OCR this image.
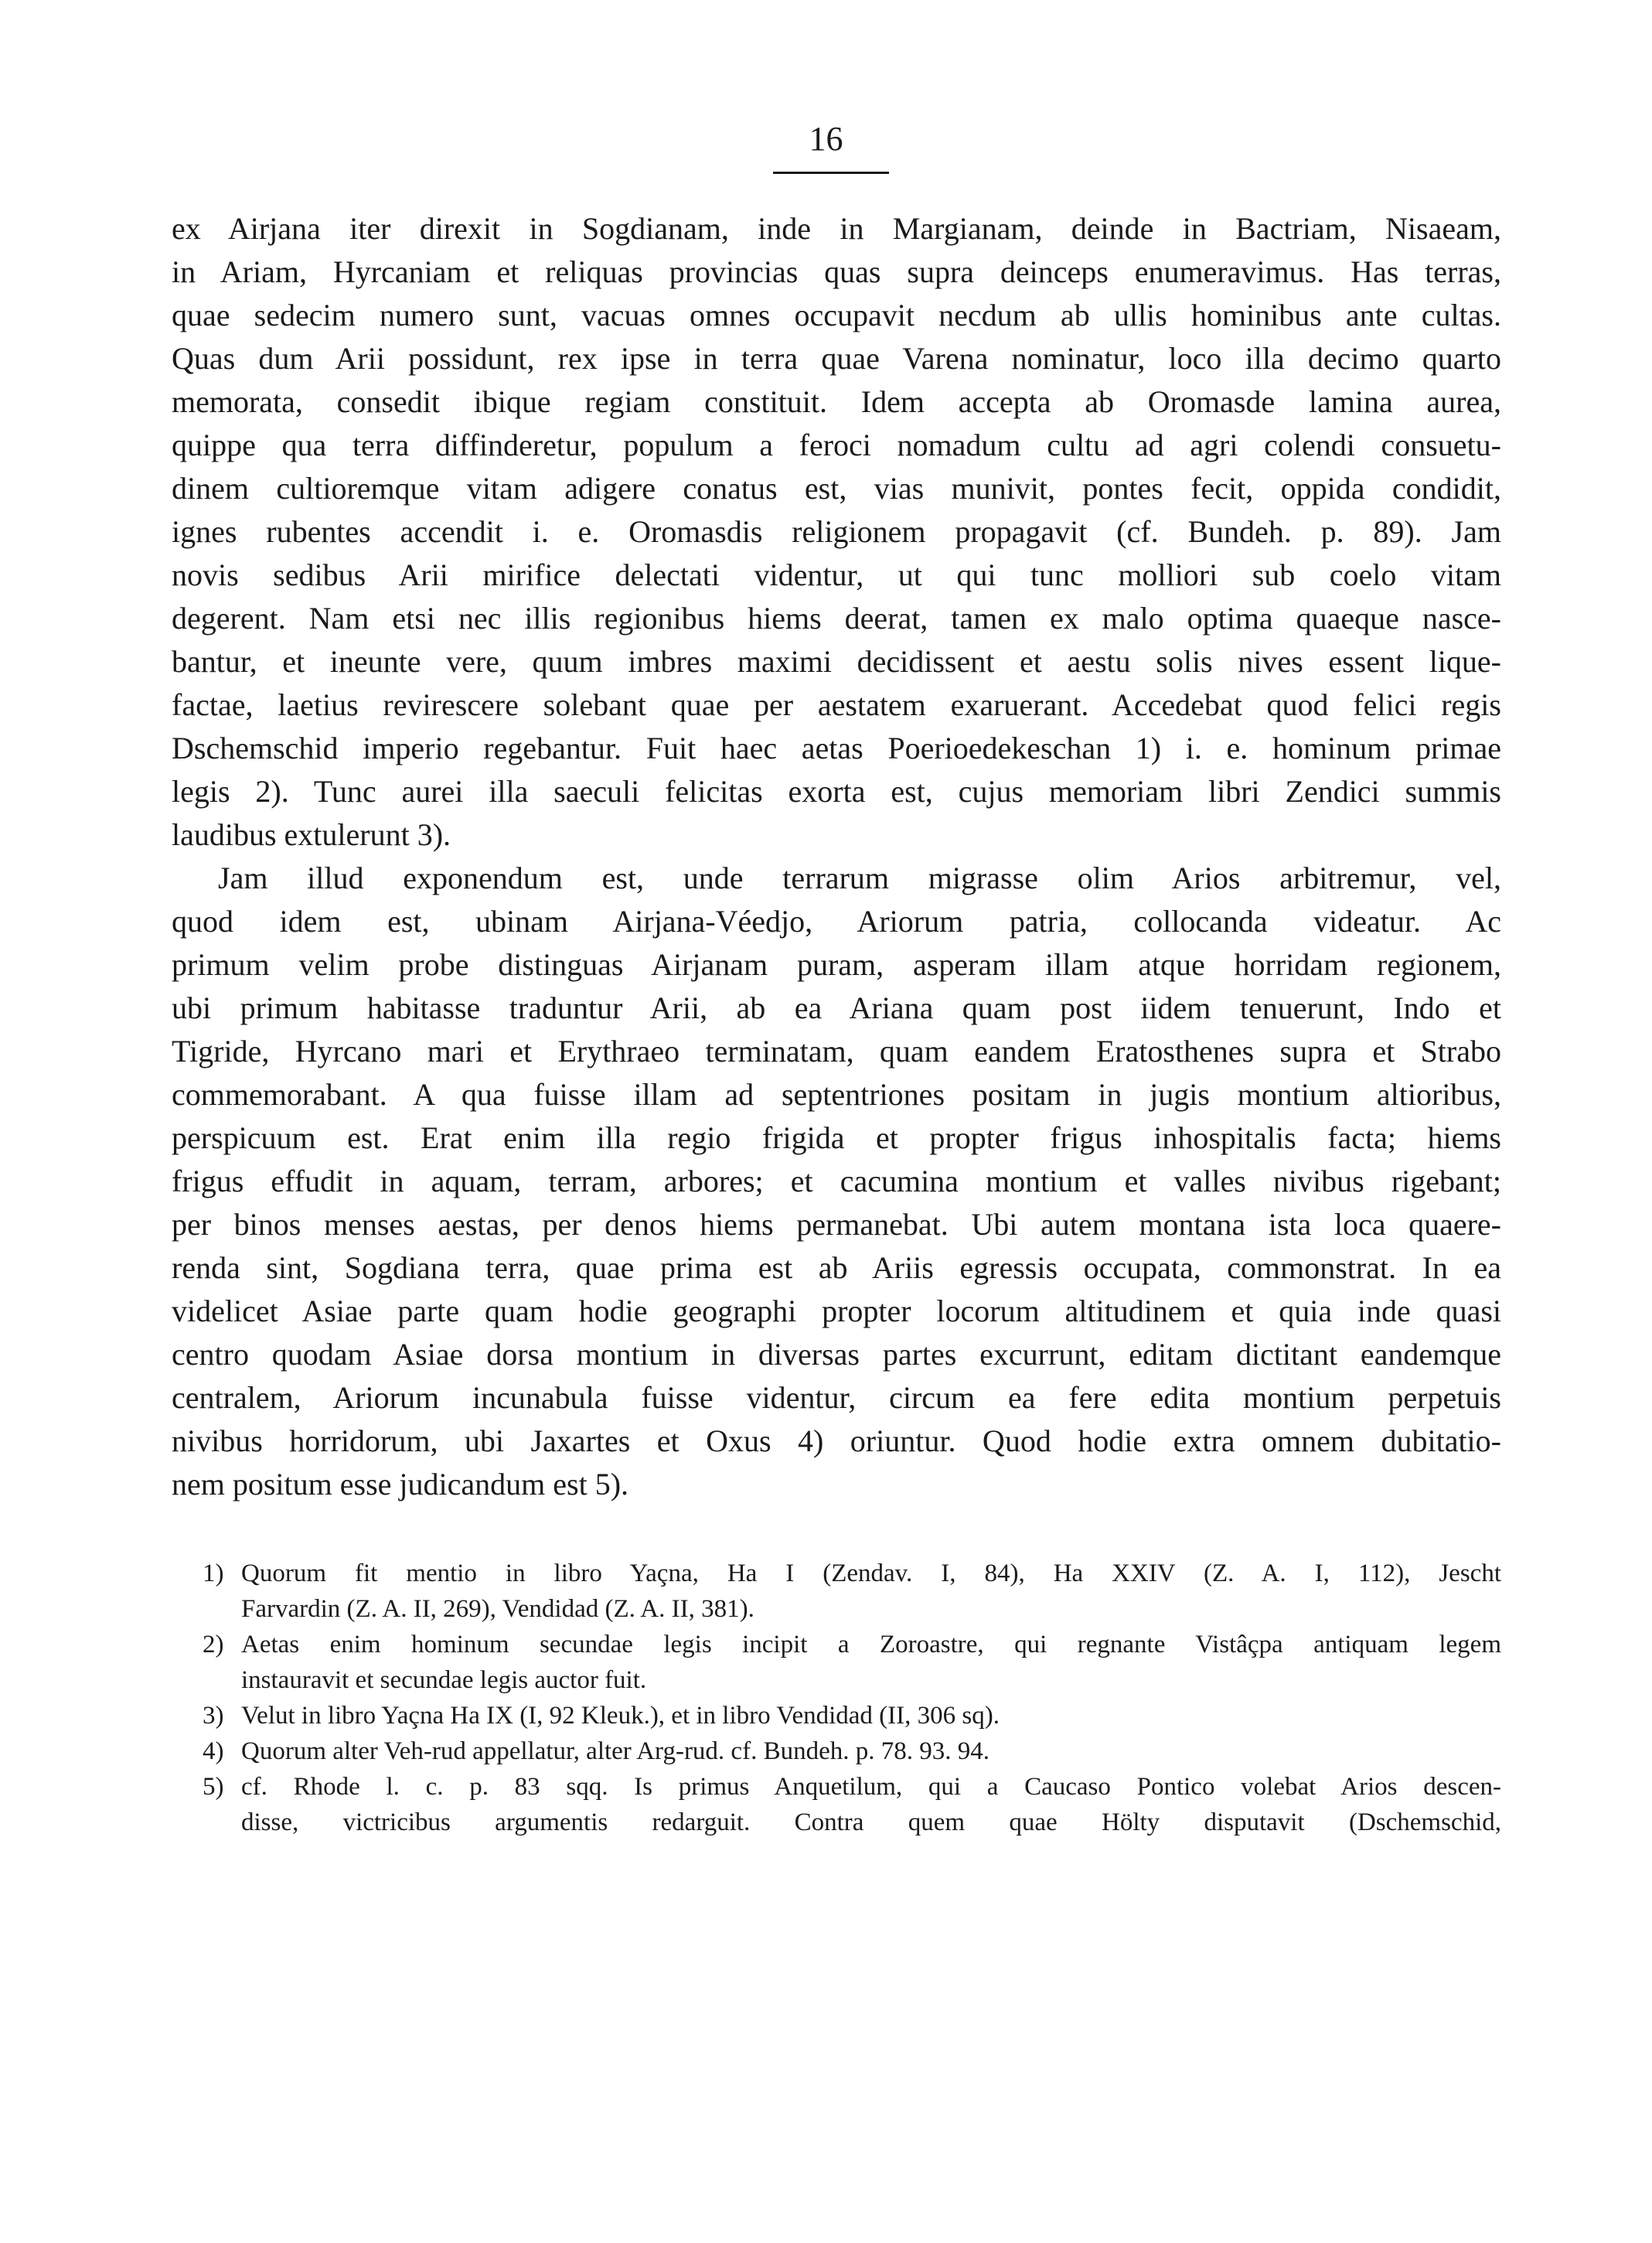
16
ex Airjana iter direxit in Sogdianam, inde in Margianam, deinde in Bactriam, Nisaeam,
in Ariam, Hyrcaniam et reliquas provincias quas supra deinceps enumeravimus. Has terras,
quae sedecim numero sunt, vacuas omnes occupavit necdum ab ullis hominibus ante cultas.
Quas dum Arii possidunt, rex ipse in terra quae Varena nominatur, loco illa decimo quarto
memorata, consedit ibique regiam constituit. Idem accepta ab Oromasde lamina aurea,
quippe qua terra diffinderetur, populum a feroci nomadum cultu ad agri colendi consuetu-
dinem cultioremque vitam adigere conatus est, vias munivit, pontes fecit, oppida condidit,
ignes rubentes accendit i. e. Oromasdis religionem propagavit (cf. Bundeh. p. 89). Jam
novis sedibus Arii mirifice delectati videntur, ut qui tunc molliori sub coelo vitam
degerent. Nam etsi nec illis regionibus hiems deerat, tamen ex malo optima quaeque nasce-
bantur, et ineunte vere, quum imbres maximi decidissent et aestu solis nives essent lique-
factae, laetius revirescere solebant quae per aestatem exaruerant. Accedebat quod felici regis
Dschemschid imperio regebantur. Fuit haec aetas Poerioedekeschan 1) i. e. hominum primae
legis 2). Tunc aurei illa saeculi felicitas exorta est, cujus memoriam libri Zendici summis
laudibus extulerunt 3).
Jam illud exponendum est, unde terrarum migrasse olim Arios arbitremur, vel,
quod idem est, ubinam Airjana-Véedjo, Ariorum patria, collocanda videatur. Ac
primum velim probe distinguas Airjanam puram, asperam illam atque horridam regionem,
ubi primum habitasse traduntur Arii, ab ea Ariana quam post iidem tenuerunt, Indo et
Tigride, Hyrcano mari et Erythraeo terminatam, quam eandem Eratosthenes supra et Strabo
commemorabant. A qua fuisse illam ad septentriones positam in jugis montium altioribus,
perspicuum est. Erat enim illa regio frigida et propter frigus inhospitalis facta; hiems
frigus effudit in aquam, terram, arbores; et cacumina montium et valles nivibus rigebant;
per binos menses aestas, per denos hiems permanebat. Ubi autem montana ista loca quaere-
renda sint, Sogdiana terra, quae prima est ab Ariis egressis occupata, commonstrat. In ea
videlicet Asiae parte quam hodie geographi propter locorum altitudinem et quia inde quasi
centro quodam Asiae dorsa montium in diversas partes excurrunt, editam dictitant eandemque
centralem, Ariorum incunabula fuisse videntur, circum ea fere edita montium perpetuis
nivibus horridorum, ubi Jaxartes et Oxus 4) oriuntur. Quod hodie extra omnem dubitatio-
nem positum esse judicandum est 5).
1) Quorum fit mentio in libro Yaçna, Ha I (Zendav. I, 84), Ha XXIV (Z. A. I, 112), Jescht
Farvardin (Z. A. II, 269), Vendidad (Z. A. II, 381).
2) Aetas enim hominum secundae legis incipit a Zoroastre, qui regnante Vistâçpa antiquam legem
instauravit et secundae legis auctor fuit.
3) Velut in libro Yaçna Ha IX (I, 92 Kleuk.), et in libro Vendidad (II, 306 sq).
4) Quorum alter Veh-rud appellatur, alter Arg-rud. cf. Bundeh. p. 78. 93. 94.
5) cf. Rhode l. c. p. 83 sqq. Is primus Anquetilum, qui a Caucaso Pontico volebat Arios descen-
disse, victricibus argumentis redarguit. Contra quem quae Hölty disputavit (Dschemschid,
